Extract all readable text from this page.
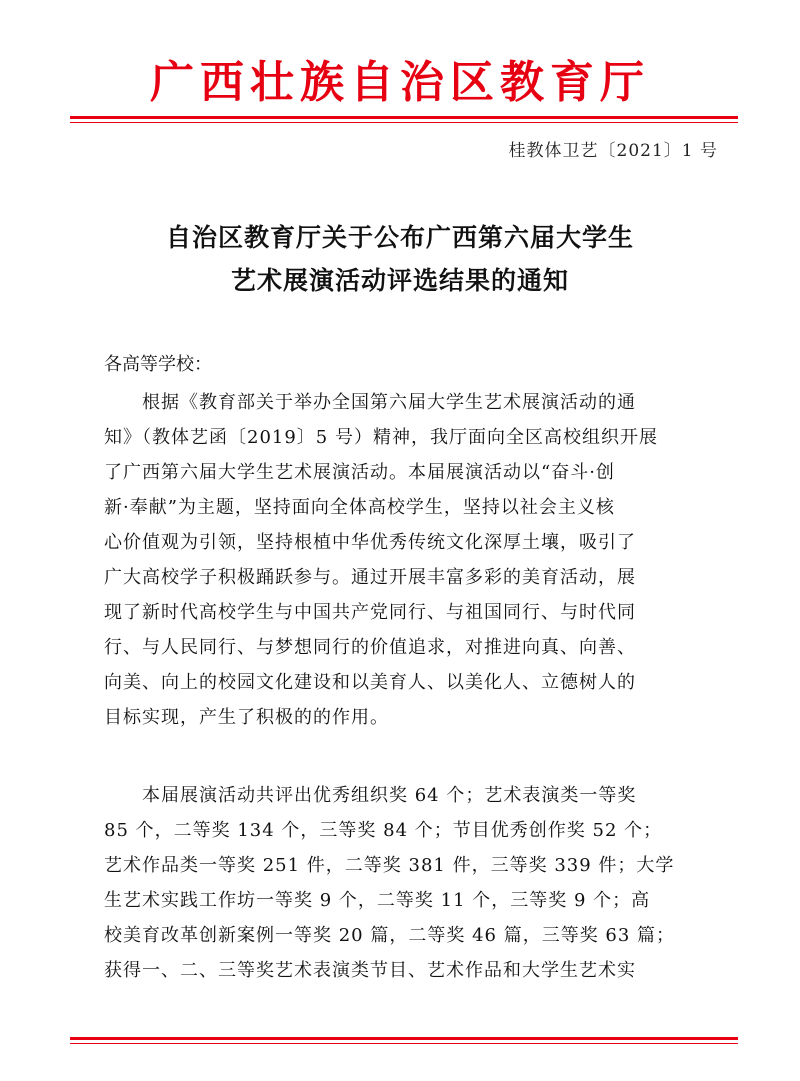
广西壮族自治区教育厅
桂教体卫艺〔2021〕1 号
自治区教育厅关于公布广西第六届大学生
艺术展演活动评选结果的通知
各高等学校：
根据《教育部关于举办全国第六届大学生艺术展演活动的通
知》（教体艺函〔2019〕5 号）精神，我厅面向全区高校组织开展
了广西第六届大学生艺术展演活动。本届展演活动以“奋斗·创
新·奉献”为主题，坚持面向全体高校学生，坚持以社会主义核
心价值观为引领，坚持根植中华优秀传统文化深厚土壤，吸引了
广大高校学子积极踊跃参与。通过开展丰富多彩的美育活动，展
现了新时代高校学生与中国共产党同行、与祖国同行、与时代同
行、与人民同行、与梦想同行的价值追求，对推进向真、向善、
向美、向上的校园文化建设和以美育人、以美化人、立德树人的
目标实现，产生了积极的的作用。
本届展演活动共评出优秀组织奖 64 个；艺术表演类一等奖
85 个，二等奖 134 个，三等奖 84 个；节目优秀创作奖 52 个；
艺术作品类一等奖 251 件，二等奖 381 件，三等奖 339 件；大学
生艺术实践工作坊一等奖 9 个，二等奖 11 个，三等奖 9 个；高
校美育改革创新案例一等奖 20 篇，二等奖 46 篇，三等奖 63 篇；
获得一、二、三等奖艺术表演类节目、艺术作品和大学生艺术实
